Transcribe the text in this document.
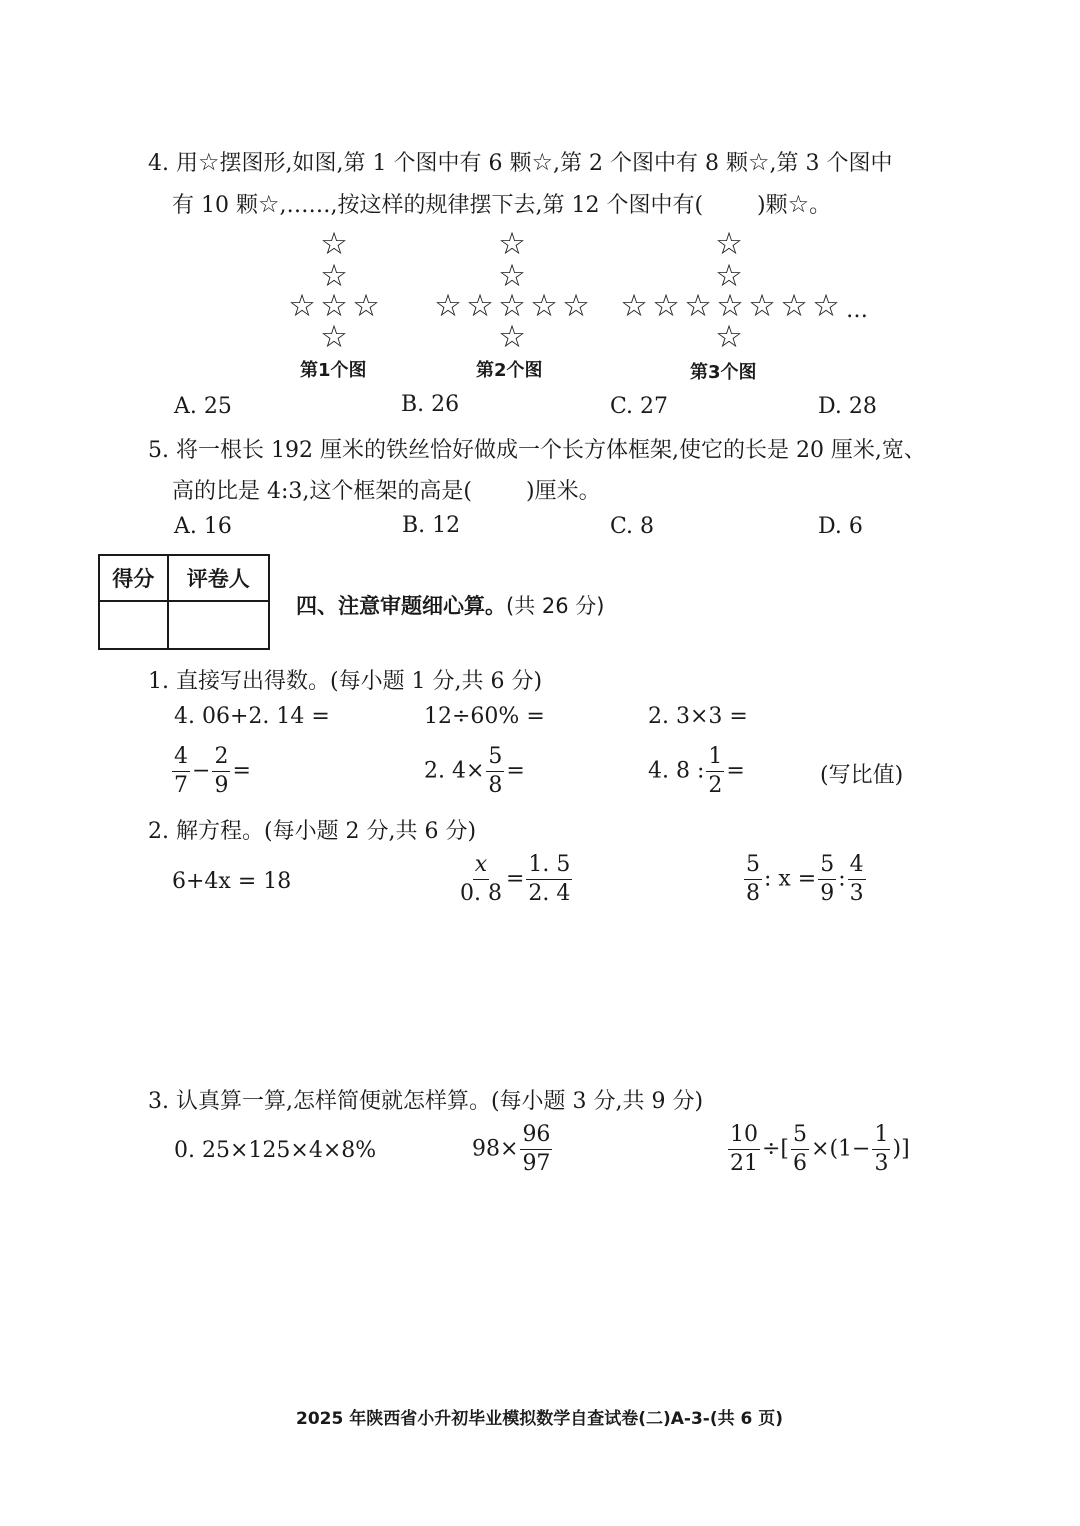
4. 用☆摆图形,如图,第 1 个图中有 6 颗☆,第 2 个图中有 8 颗☆,第 3 个图中
有 10 颗☆,……,按这样的规律摆下去,第 12 个图中有( )颗☆。
☆
☆
☆ ☆ ☆
☆
☆
☆
☆ ☆ ☆ ☆ ☆
☆
☆
☆
☆ ☆ ☆ ☆ ☆ ☆ ☆
☆
…
第1个图	第2个图	第3个图
A. 25	B. 26	C. 27	D. 28
5. 将一根长 192 厘米的铁丝恰好做成一个长方体框架,使它的长是 20 厘米,宽、
高的比是 4:3,这个框架的高是( )厘米。
A. 16	B. 12	C. 8	D. 6
得分	评卷人

四、注意审题细心算。(共 26 分)
1. 直接写出得数。(每小题 1 分,共 6 分)
4. 06+2. 14 =	12÷60% =	2. 3×3 =
$\frac{4}{7} - \frac{2}{9}$ =	2. $4\times \frac{5}{8}$ =	4. 8 : $\frac{1}{2}$ =	(写比值)
2. 解方程。(每小题 2 分,共 6 分)
6+4x = 18	$\frac{x}{0. 8} = \frac{1. 5}{2. 4}$	$\frac{5}{8}$ : $x = \frac{5}{9}$ : $\frac{4}{3}$
3. 认真算一算,怎样简便就怎样算。(每小题 3 分,共 9 分)
0. 25×125×4×8%	$98\times \frac{96}{97}$	$\frac{10}{21}$ ÷[ $\frac{5}{6} \times(1- \frac{1}{3}$ )]
2025 年陕西省小升初毕业模拟数学自查试卷(二)A-3-(共 6 页)
